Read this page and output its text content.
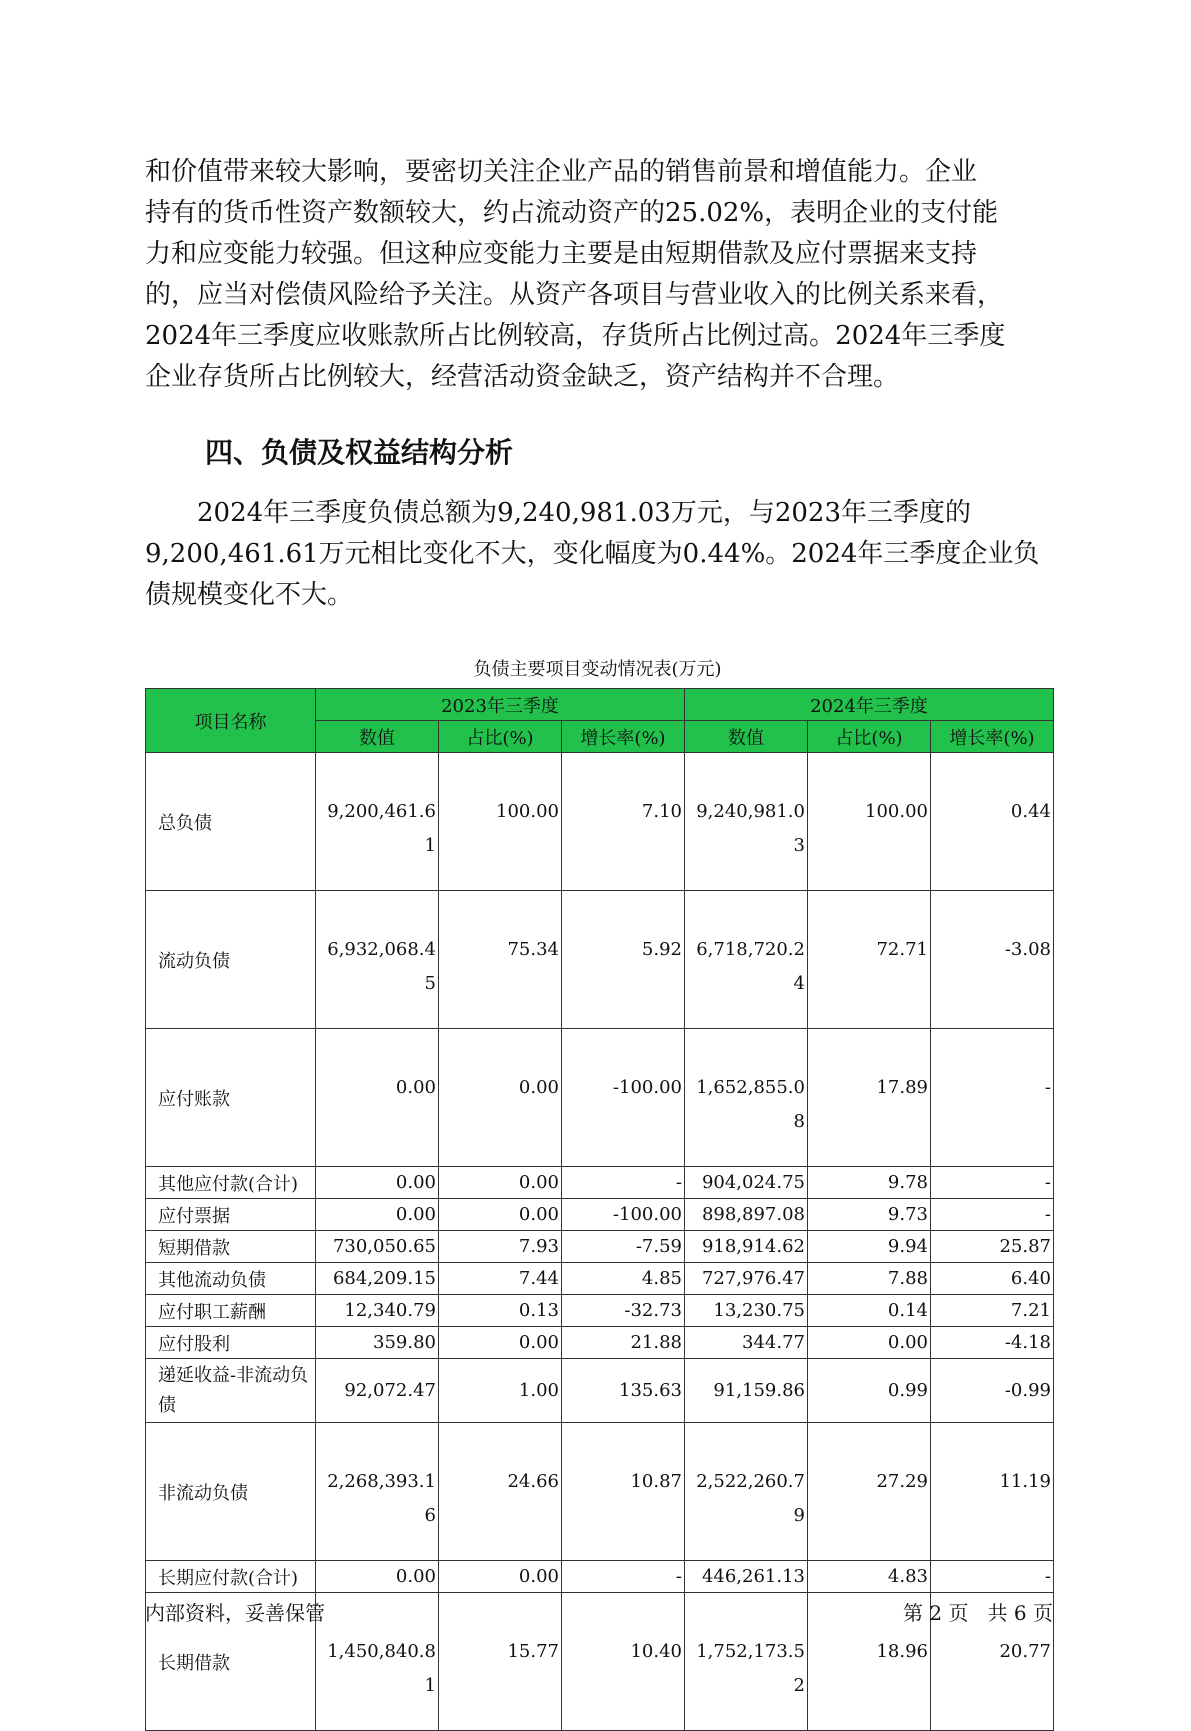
和价值带来较大影响，要密切关注企业产品的销售前景和增值能力。企业
持有的货币性资产数额较大，约占流动资产的25.02%，表明企业的支付能
力和应变能力较强。但这种应变能力主要是由短期借款及应付票据来支持
的，应当对偿债风险给予关注。从资产各项目与营业收入的比例关系来看，
2024年三季度应收账款所占比例较高，存货所占比例过高。2024年三季度
企业存货所占比例较大，经营活动资金缺乏，资产结构并不合理。
四、负债及权益结构分析
2024年三季度负债总额为9,240,981.03万元，与2023年三季度的
9,200,461.61万元相比变化不大，变化幅度为0.44%。2024年三季度企业负
债规模变化不大。
负债主要项目变动情况表(万元)
项目名称	2023年三季度			2024年三季度		
	数值	占比(%)	增长率(%)	数值	占比(%)	增长率(%)
总负债	9,200,461.61	100.00	7.10	9,240,981.03	100.00	0.44
流动负债	6,932,068.45	75.34	5.92	6,718,720.24	72.71	-3.08
应付账款	0.00	0.00	-100.00	1,652,855.08	17.89	-
其他应付款(合计)	0.00	0.00	-	904,024.75	9.78	-
应付票据	0.00	0.00	-100.00	898,897.08	9.73	-
短期借款	730,050.65	7.93	-7.59	918,914.62	9.94	25.87
其他流动负债	684,209.15	7.44	4.85	727,976.47	7.88	6.40
应付职工薪酬	12,340.79	0.13	-32.73	13,230.75	0.14	7.21
应付股利	359.80	0.00	21.88	344.77	0.00	-4.18
递延收益-非流动负债	92,072.47	1.00	135.63	91,159.86	0.99	-0.99
非流动负债	2,268,393.16	24.66	10.87	2,522,260.79	27.29	11.19
长期应付款(合计)	0.00	0.00	-	446,261.13	4.83	-
长期借款	1,450,840.81	15.77	10.40	1,752,173.52	18.96	20.77
内部资料，妥善保管	第 2 页   共 6 页
